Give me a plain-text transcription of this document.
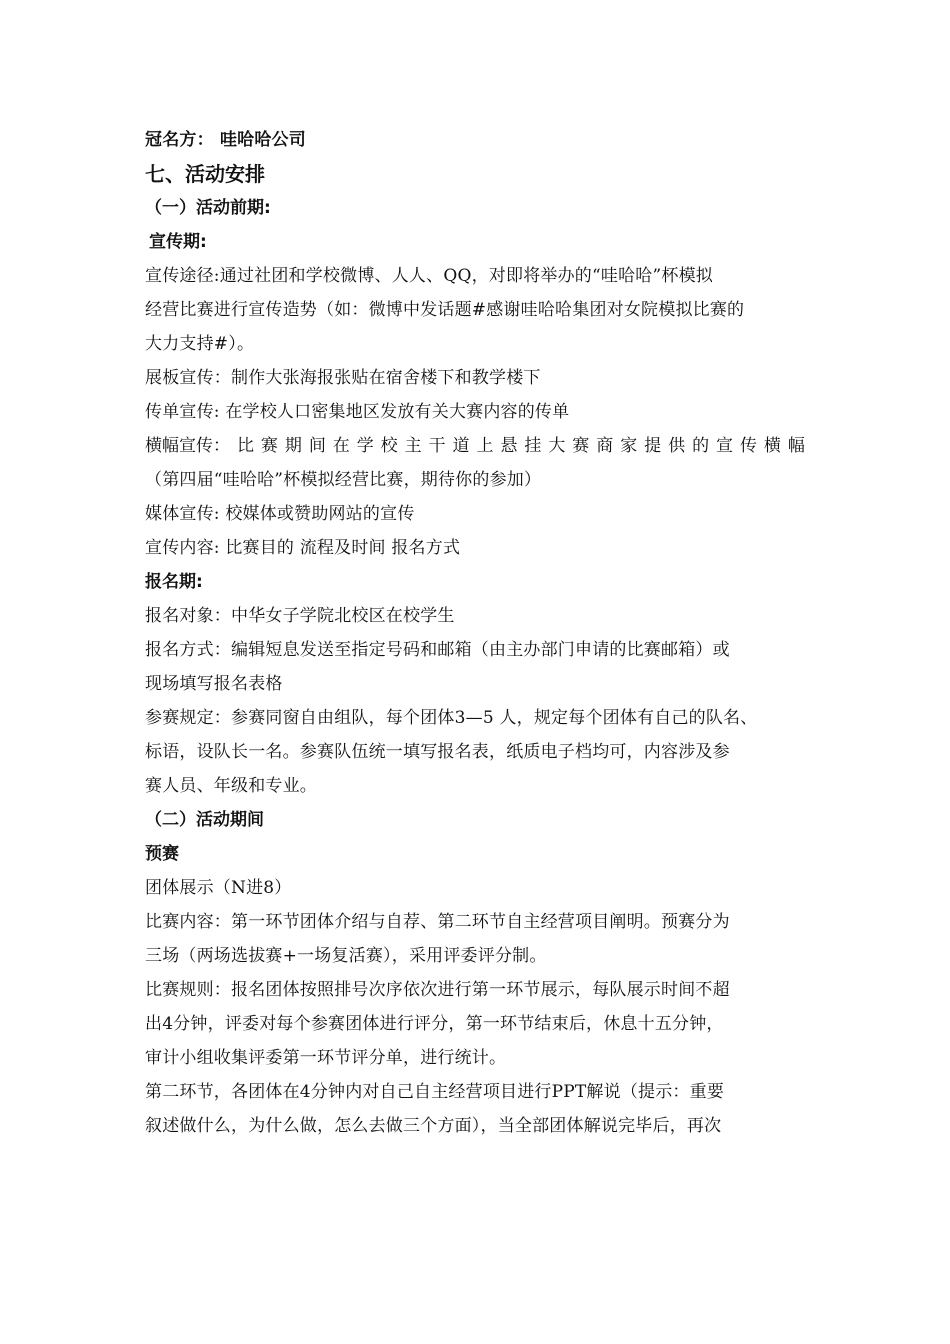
冠名方： 哇哈哈公司
七、活动安排
（一）活动前期:
宣传期:
宣传途径:通过社团和学校微博、人人、QQ，对即将举办的“哇哈哈”杯模拟
经营比赛进行宣传造势（如：微博中发话题#感谢哇哈哈集团对女院模拟比赛的
大力支持#）。
展板宣传：制作大张海报张贴在宿舍楼下和教学楼下
传单宣传: 在学校人口密集地区发放有关大赛内容的传单
横幅宣传： 比 赛 期 间 在 学 校 主 干 道 上 悬 挂 大 赛 商 家 提 供 的 宣 传 横 幅
（第四届“哇哈哈”杯模拟经营比赛，期待你的参加）
媒体宣传: 校媒体或赞助网站的宣传
宣传内容: 比赛目的 流程及时间 报名方式
报名期:
报名对象：中华女子学院北校区在校学生
报名方式：编辑短息发送至指定号码和邮箱（由主办部门申请的比赛邮箱）或
现场填写报名表格
参赛规定：参赛同窗自由组队，每个团体3—5 人，规定每个团体有自己的队名、
标语，设队长一名。参赛队伍统一填写报名表，纸质电子档均可，内容涉及参
赛人员、年级和专业。
（二）活动期间
预赛
团体展示（N进8）
比赛内容：第一环节团体介绍与自荐、第二环节自主经营项目阐明。预赛分为
三场（两场选拔赛+一场复活赛），采用评委评分制。
比赛规则：报名团体按照排号次序依次进行第一环节展示，每队展示时间不超
出4分钟，评委对每个参赛团体进行评分，第一环节结束后，休息十五分钟，
审计小组收集评委第一环节评分单，进行统计。
第二环节，各团体在4分钟内对自己自主经营项目进行PPT解说（提示：重要
叙述做什么，为什么做，怎么去做三个方面），当全部团体解说完毕后，再次
